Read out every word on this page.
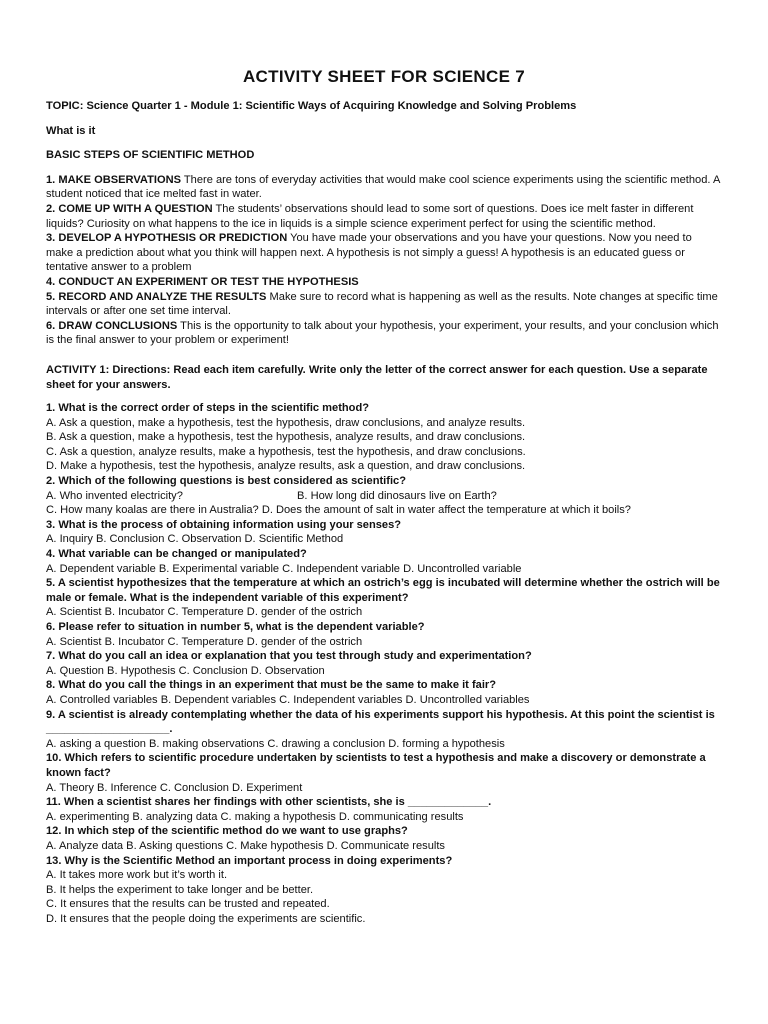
ACTIVITY SHEET FOR SCIENCE 7

TOPIC: Science Quarter 1 - Module 1: Scientific Ways of Acquiring Knowledge and Solving Problems

What is it

BASIC STEPS OF SCIENTIFIC METHOD

1. MAKE OBSERVATIONS There are tons of everyday activities that would make cool science experiments using the scientific method. A student noticed that ice melted fast in water.

2. COME UP WITH A QUESTION The students’ observations should lead to some sort of questions. Does ice melt faster in different liquids? Curiosity on what happens to the ice in liquids is a simple science experiment perfect for using the scientific method.

3. DEVELOP A HYPOTHESIS OR PREDICTION You have made your observations and you have your questions. Now you need to make a prediction about what you think will happen next. A hypothesis is not simply a guess! A hypothesis is an educated guess or tentative answer to a problem

4. CONDUCT AN EXPERIMENT OR TEST THE HYPOTHESIS

5. RECORD AND ANALYZE THE RESULTS Make sure to record what is happening as well as the results. Note changes at specific time intervals or after one set time interval.

6. DRAW CONCLUSIONS This is the opportunity to talk about your hypothesis, your experiment, your results, and your conclusion which is the final answer to your problem or experiment!

ACTIVITY 1: Directions: Read each item carefully. Write only the letter of the correct answer for each question. Use a separate sheet for your answers.

1. What is the correct order of steps in the scientific method?

A. Ask a question, make a hypothesis, test the hypothesis, draw conclusions, and analyze results.

B. Ask a question, make a hypothesis, test the hypothesis, analyze results, and draw conclusions.

C. Ask a question, analyze results, make a hypothesis, test the hypothesis, and draw conclusions.

D. Make a hypothesis, test the hypothesis, analyze results, ask a question, and draw conclusions.

2. Which of the following questions is best considered as scientific?

A. Who invented electricity?	B. How long did dinosaurs live on Earth?

C. How many koalas are there in Australia? D. Does the amount of salt in water affect the temperature at which it boils?

3. What is the process of obtaining information using your senses?

A. Inquiry B. Conclusion C. Observation D. Scientific Method

4. What variable can be changed or manipulated?

A. Dependent variable B. Experimental variable C. Independent variable D. Uncontrolled variable

5. A scientist hypothesizes that the temperature at which an ostrich’s egg is incubated will determine whether the ostrich will be male or female. What is the independent variable of this experiment?

A. Scientist B. Incubator C. Temperature D. gender of the ostrich

6. Please refer to situation in number 5, what is the dependent variable?

A. Scientist B. Incubator C. Temperature D. gender of the ostrich

7. What do you call an idea or explanation that you test through study and experimentation?

A. Question B. Hypothesis C. Conclusion D. Observation

8. What do you call the things in an experiment that must be the same to make it fair?

A. Controlled variables B. Dependent variables C. Independent variables D. Uncontrolled variables

9. A scientist is already contemplating whether the data of his experiments support his hypothesis. At this point the scientist is ____________________.

A. asking a question B. making observations C. drawing a conclusion D. forming a hypothesis

10. Which refers to scientific procedure undertaken by scientists to test a hypothesis and make a discovery or demonstrate a known fact?

A. Theory B. Inference C. Conclusion D. Experiment

11. When a scientist shares her findings with other scientists, she is _____________.

A. experimenting B. analyzing data C. making a hypothesis D. communicating results

12. In which step of the scientific method do we want to use graphs?

A. Analyze data B. Asking questions C. Make hypothesis D. Communicate results

13. Why is the Scientific Method an important process in doing experiments?

A. It takes more work but it’s worth it.

B. It helps the experiment to take longer and be better.

C. It ensures that the results can be trusted and repeated.

D. It ensures that the people doing the experiments are scientific.
